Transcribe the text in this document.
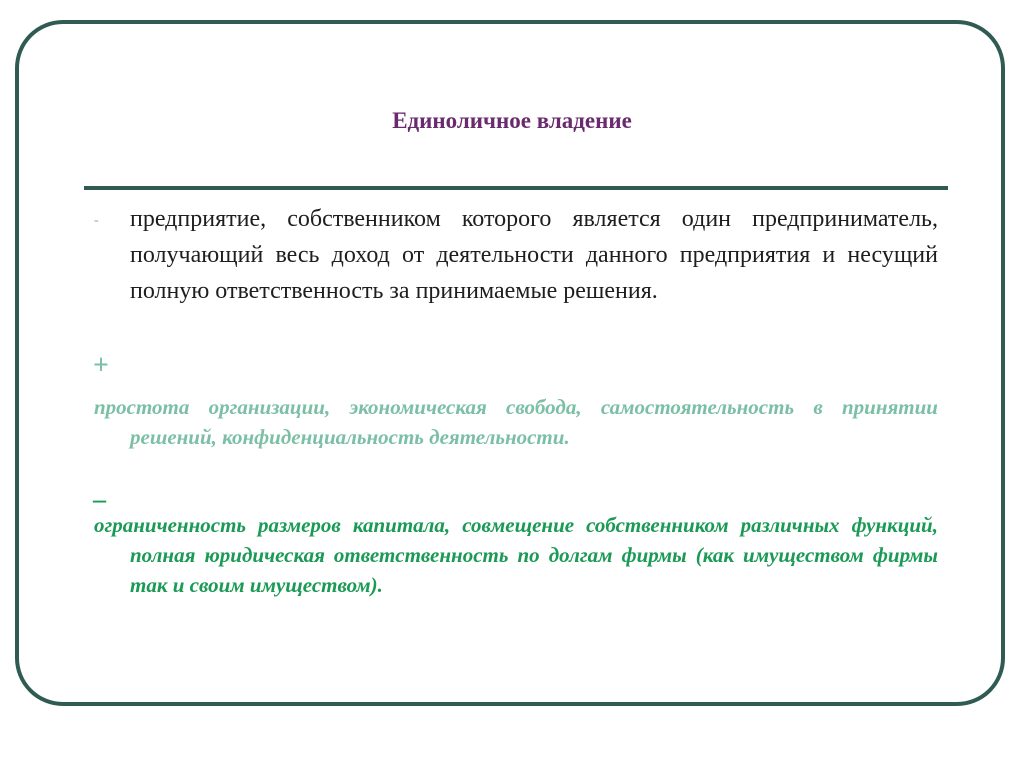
Единоличное владение
-	предприятие, собственником которого является один предприниматель, получающий весь доход от деятельности данного предприятия и несущий полную ответственность за принимаемые решения.
+
простота организации, экономическая свобода, самостоятельность в принятии решений, конфиденциальность деятельности.
_
ограниченность размеров капитала, совмещение собственником различных функций, полная юридическая ответственность по долгам фирмы (как имуществом фирмы так и своим имуществом).
